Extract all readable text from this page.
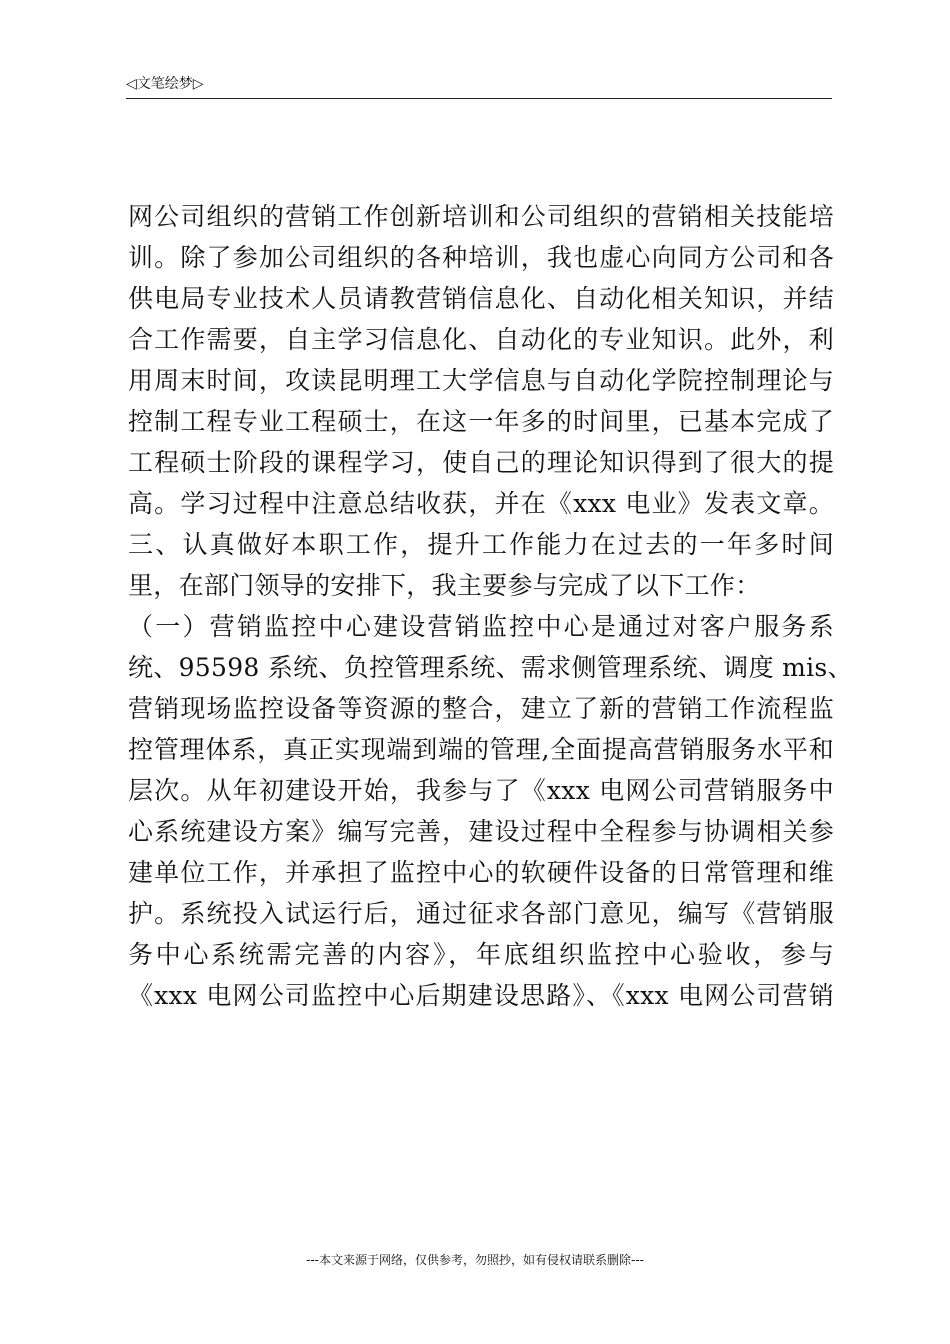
◁文笔绘梦▷
网公司组织的营销工作创新培训和公司组织的营销相关技能培
训。除了参加公司组织的各种培训，我也虚心向同方公司和各
供电局专业技术人员请教营销信息化、自动化相关知识，并结
合工作需要，自主学习信息化、自动化的专业知识。此外，利
用周末时间，攻读昆明理工大学信息与自动化学院控制理论与
控制工程专业工程硕士，在这一年多的时间里，已基本完成了
工程硕士阶段的课程学习，使自己的理论知识得到了很大的提
高。学习过程中注意总结收获，并在《xxx 电业》发表文章。
三、认真做好本职工作，提升工作能力在过去的一年多时间
里，在部门领导的安排下，我主要参与完成了以下工作：
（一）营销监控中心建设营销监控中心是通过对客户服务系
统、95598 系统、负控管理系统、需求侧管理系统、调度 mis、
营销现场监控设备等资源的整合，建立了新的营销工作流程监
控管理体系，真正实现端到端的管理,全面提高营销服务水平和
层次。从年初建设开始，我参与了《xxx 电网公司营销服务中
心系统建设方案》编写完善，建设过程中全程参与协调相关参
建单位工作，并承担了监控中心的软硬件设备的日常管理和维
护。系统投入试运行后，通过征求各部门意见，编写《营销服
务中心系统需完善的内容》，年底组织监控中心验收，参与
《xxx 电网公司监控中心后期建设思路》、《xxx 电网公司营销
---本文来源于网络，仅供参考，勿照抄，如有侵权请联系删除---
